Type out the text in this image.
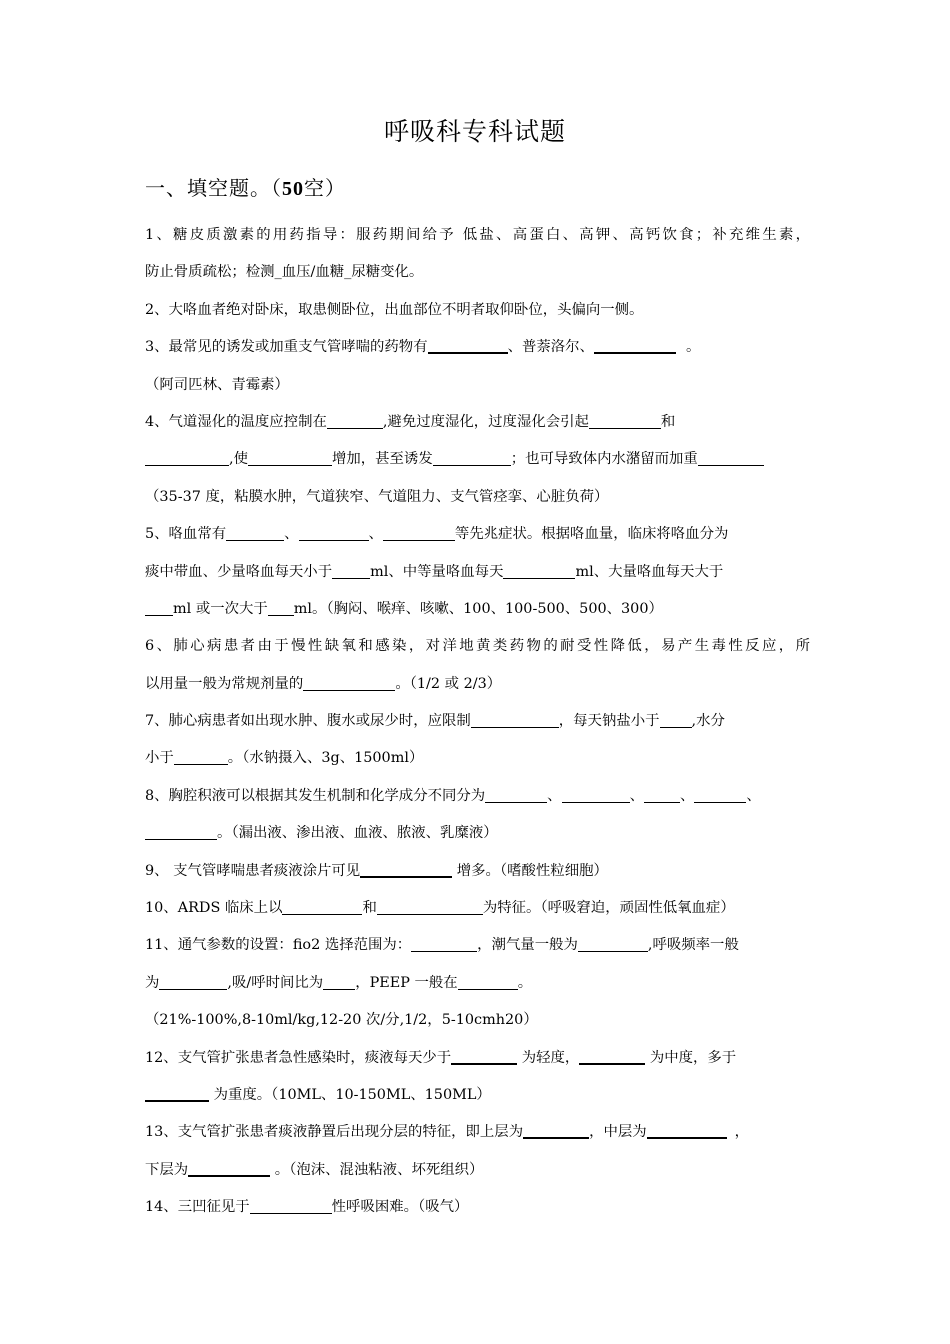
呼吸科专科试题
一、填空题。（50空）
1、糖皮质激素的用药指导：服药期间给予 低盐、高蛋白、高钾、高钙饮食；补充维生素，
防止骨质疏松；检测_血压/血糖_尿糖变化。
2、大咯血者绝对卧床，取患侧卧位，出血部位不明者取仰卧位，头偏向一侧。
3、最常见的诱发或加重支气管哮喘的药物有	、普萘洛尔、	。
（阿司匹林、青霉素）
4、气道湿化的温度应控制在	,避免过度湿化，过度湿化会引起	和
,使	增加，甚至诱发	；也可导致体内水潴留而加重
（35-37 度，粘膜水肿，气道狭窄、气道阻力、支气管痉挛、心脏负荷）
5、咯血常有	、	、	等先兆症状。根据咯血量，临床将咯血分为
痰中带血、少量咯血每天小于	ml、中等量咯血每天	ml、大量咯血每天大于
ml 或一次大于 ml。（胸闷、喉痒、咳嗽、100、100-500、500、300）
6、肺心病患者由于慢性缺氧和感染，对洋地黄类药物的耐受性降低，易产生毒性反应，所
以用量一般为常规剂量的	。（1/2 或 2/3）
7、肺心病患者如出现水肿、腹水或尿少时，应限制	，每天钠盐小于 ,水分
小于	。（水钠摄入、3g、1500ml）
8、胸腔积液可以根据其发生机制和化学成分不同分为	、	、	、	、
。（漏出液、渗出液、血液、脓液、乳糜液）
9、 支气管哮喘患者痰液涂片可见	增多。（嗜酸性粒细胞）
10、ARDS 临床上以	和	为特征。（呼吸窘迫，顽固性低氧血症）
11、通气参数的设置：fio2 选择范围为：	，潮气量一般为	,呼吸频率一般
为	,吸/呼时间比为 ，PEEP 一般在	。
（21%-100%,8-10ml/kg,12-20 次/分,1/2，5-10cmh20）
12、支气管扩张患者急性感染时，痰液每天少于	为轻度，	为中度，多于
为重度。（10ML、10-150ML、150ML）
13、支气管扩张患者痰液静置后出现分层的特征，即上层为	，中层为	，
下层为	。（泡沫、混浊粘液、坏死组织）
14、三凹征见于	性呼吸困难。（吸气）
